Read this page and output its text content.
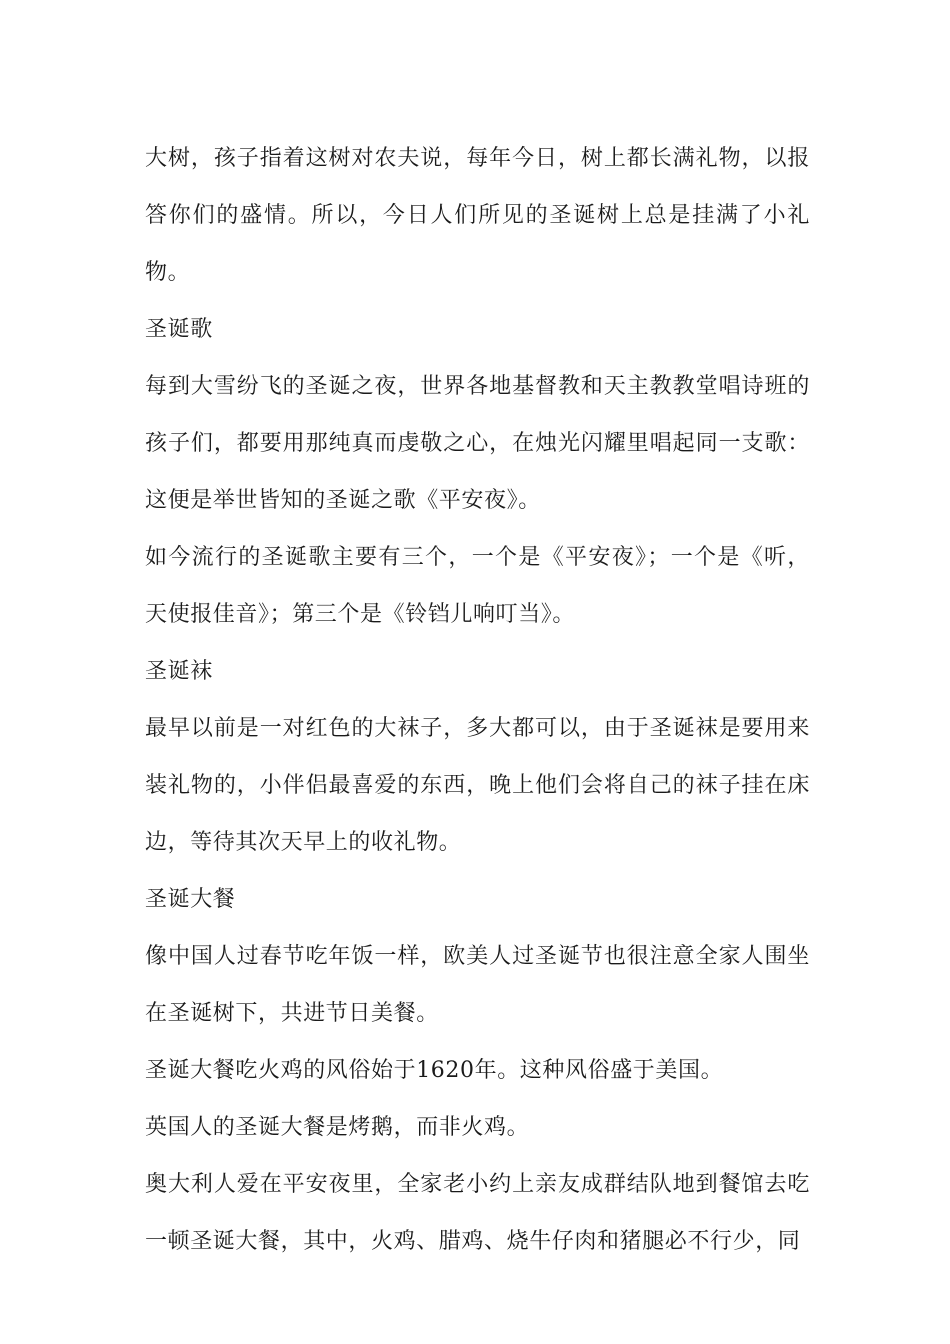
大树，孩子指着这树对农夫说，每年今日，树上都长满礼物，以报答你们的盛情。所以，今日人们所见的圣诞树上总是挂满了小礼物。

圣诞歌

每到大雪纷飞的圣诞之夜，世界各地基督教和天主教教堂唱诗班的孩子们，都要用那纯真而虔敬之心，在烛光闪耀里唱起同一支歌：这便是举世皆知的圣诞之歌《平安夜》。

如今流行的圣诞歌主要有三个，一个是《平安夜》；一个是《听，天使报佳音》；第三个是《铃铛儿响叮当》。

圣诞袜

最早以前是一对红色的大袜子，多大都可以，由于圣诞袜是要用来装礼物的，小伴侣最喜爱的东西，晚上他们会将自己的袜子挂在床边，等待其次天早上的收礼物。

圣诞大餐

像中国人过春节吃年饭一样，欧美人过圣诞节也很注意全家人围坐在圣诞树下，共进节日美餐。

圣诞大餐吃火鸡的风俗始于1620年。这种风俗盛于美国。

英国人的圣诞大餐是烤鹅，而非火鸡。

奥大利人爱在平安夜里，全家老小约上亲友成群结队地到餐馆去吃一顿圣诞大餐，其中，火鸡、腊鸡、烧牛仔肉和猪腿必不行少，同
